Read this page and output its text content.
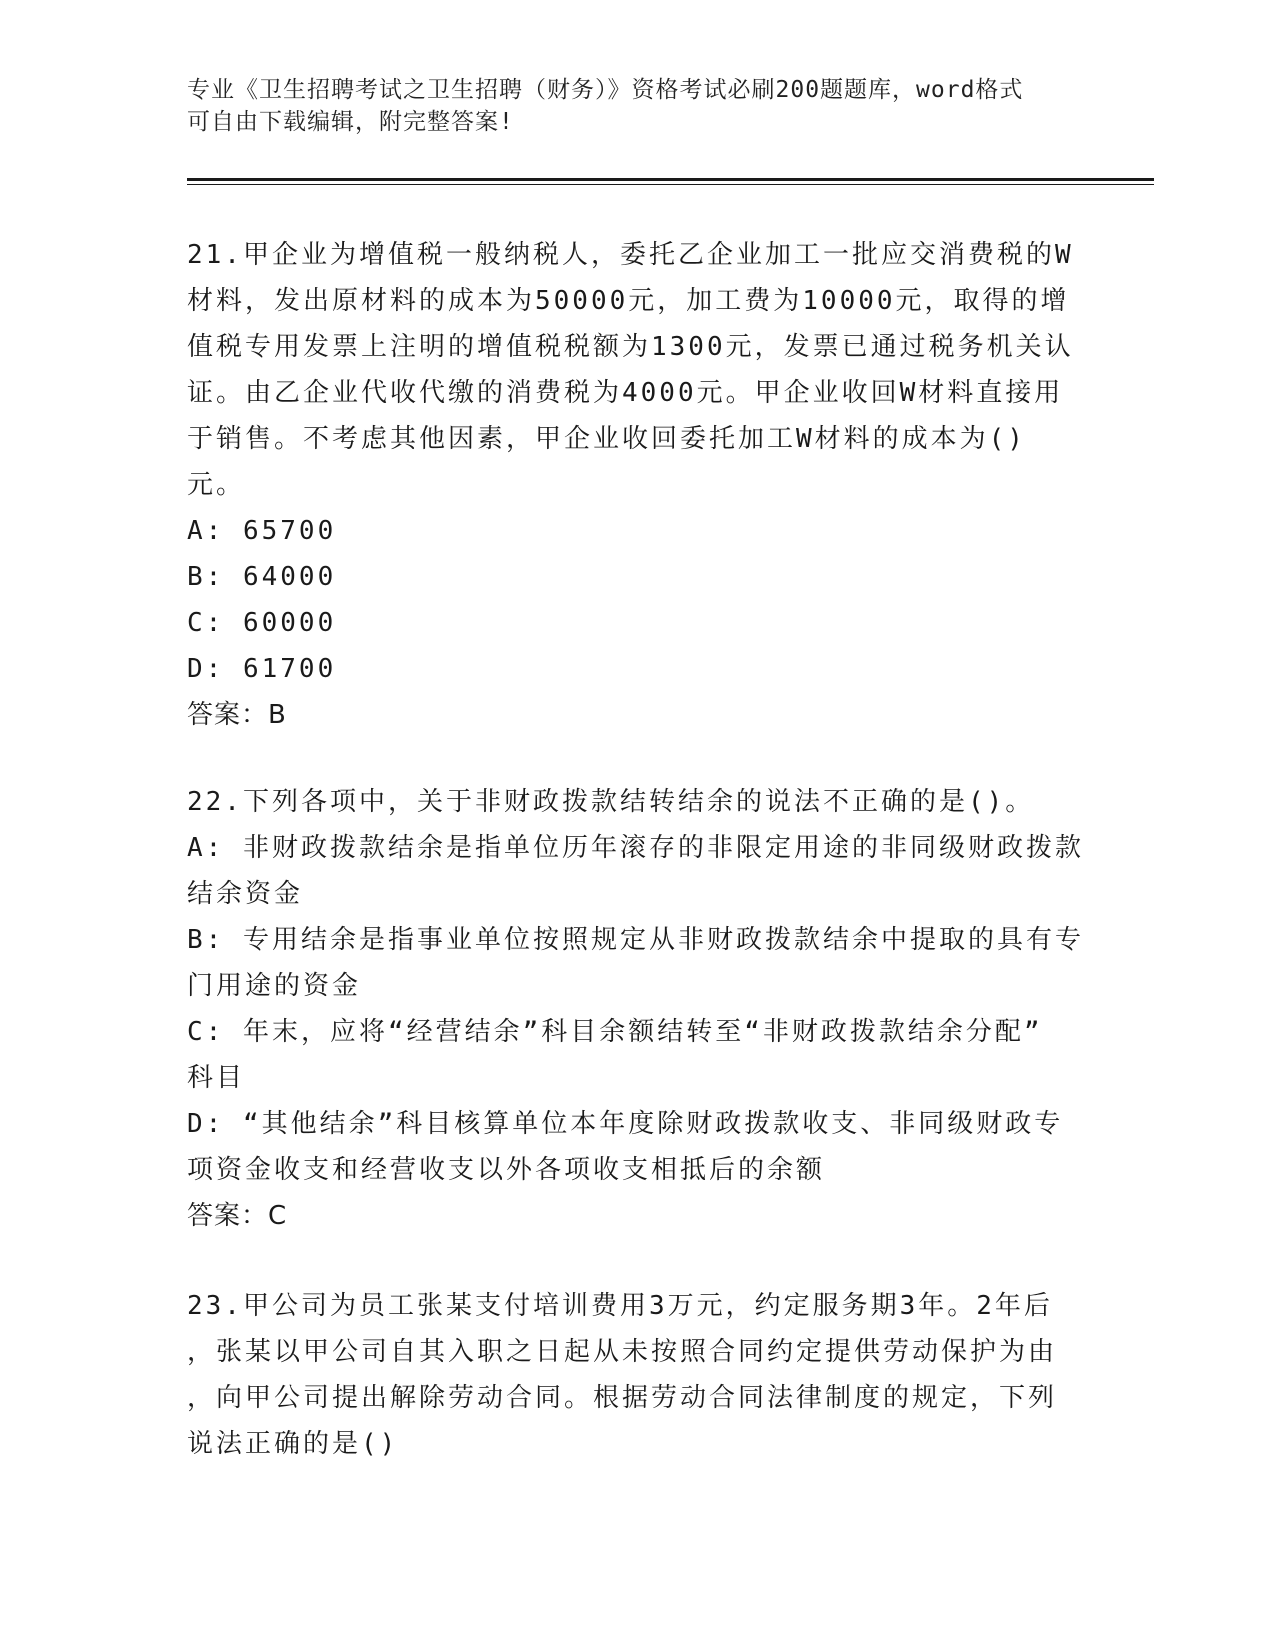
专业《卫生招聘考试之卫生招聘（财务）》资格考试必刷200题题库，word格式

可自由下载编辑，附完整答案!

21.甲企业为增值税一般纳税人，委托乙企业加工一批应交消费税的W

材料，发出原材料的成本为50000元，加工费为10000元，取得的增

值税专用发票上注明的增值税税额为1300元，发票已通过税务机关认

证。由乙企业代收代缴的消费税为4000元。甲企业收回W材料直接用

于销售。不考虑其他因素，甲企业收回委托加工W材料的成本为()

元。

A: 65700

B: 64000

C: 60000

D: 61700

答案：B

22.下列各项中，关于非财政拨款结转结余的说法不正确的是()。

A: 非财政拨款结余是指单位历年滚存的非限定用途的非同级财政拨款

结余资金

B: 专用结余是指事业单位按照规定从非财政拨款结余中提取的具有专

门用途的资金

C: 年末，应将“经营结余”科目余额结转至“非财政拨款结余分配”

科目

D: “其他结余”科目核算单位本年度除财政拨款收支、非同级财政专

项资金收支和经营收支以外各项收支相抵后的余额

答案：C

23.甲公司为员工张某支付培训费用3万元，约定服务期3年。2年后

，张某以甲公司自其入职之日起从未按照合同约定提供劳动保护为由

，向甲公司提出解除劳动合同。根据劳动合同法律制度的规定，下列

说法正确的是()
